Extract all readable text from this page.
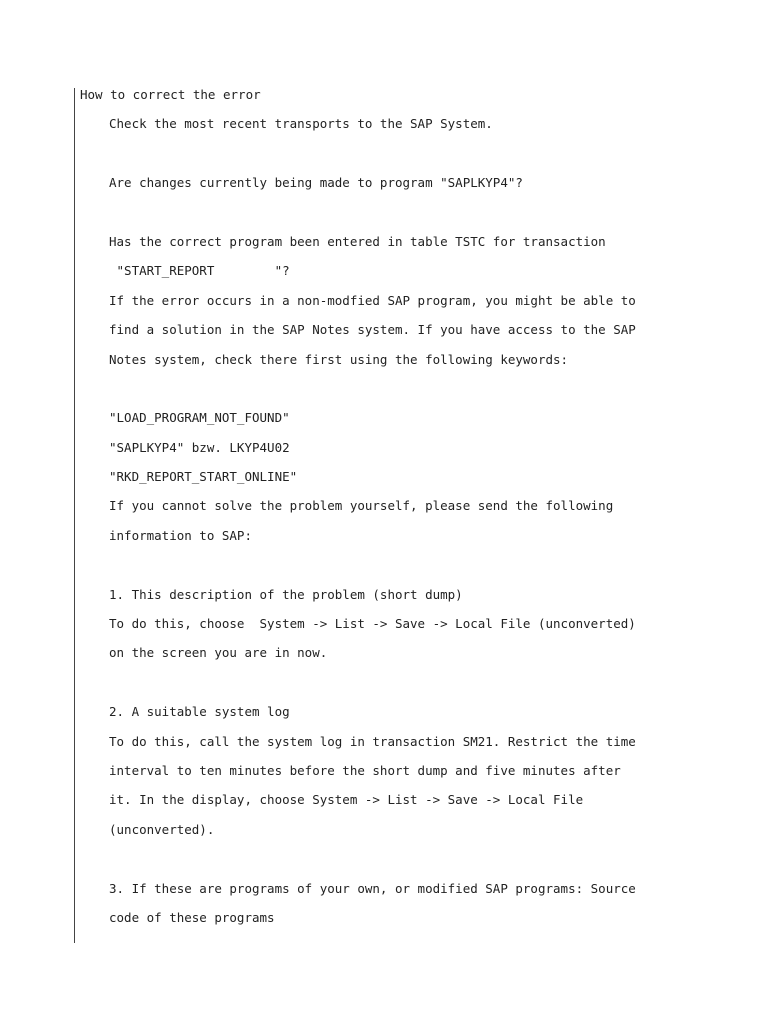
How to correct the error
Check the most recent transports to the SAP System.
Are changes currently being made to program "SAPLKYP4"?
Has the correct program been entered in table TSTC for transaction
"START_REPORT        "?
If the error occurs in a non-modfied SAP program, you might be able to
find a solution in the SAP Notes system. If you have access to the SAP
Notes system, check there first using the following keywords:
"LOAD_PROGRAM_NOT_FOUND"
"SAPLKYP4" bzw. LKYP4U02
"RKD_REPORT_START_ONLINE"
If you cannot solve the problem yourself, please send the following
information to SAP:
1. This description of the problem (short dump)
To do this, choose  System -> List -> Save -> Local File (unconverted)
on the screen you are in now.
2. A suitable system log
To do this, call the system log in transaction SM21. Restrict the time
interval to ten minutes before the short dump and five minutes after
it. In the display, choose System -> List -> Save -> Local File
(unconverted).
3. If these are programs of your own, or modified SAP programs: Source
code of these programs
